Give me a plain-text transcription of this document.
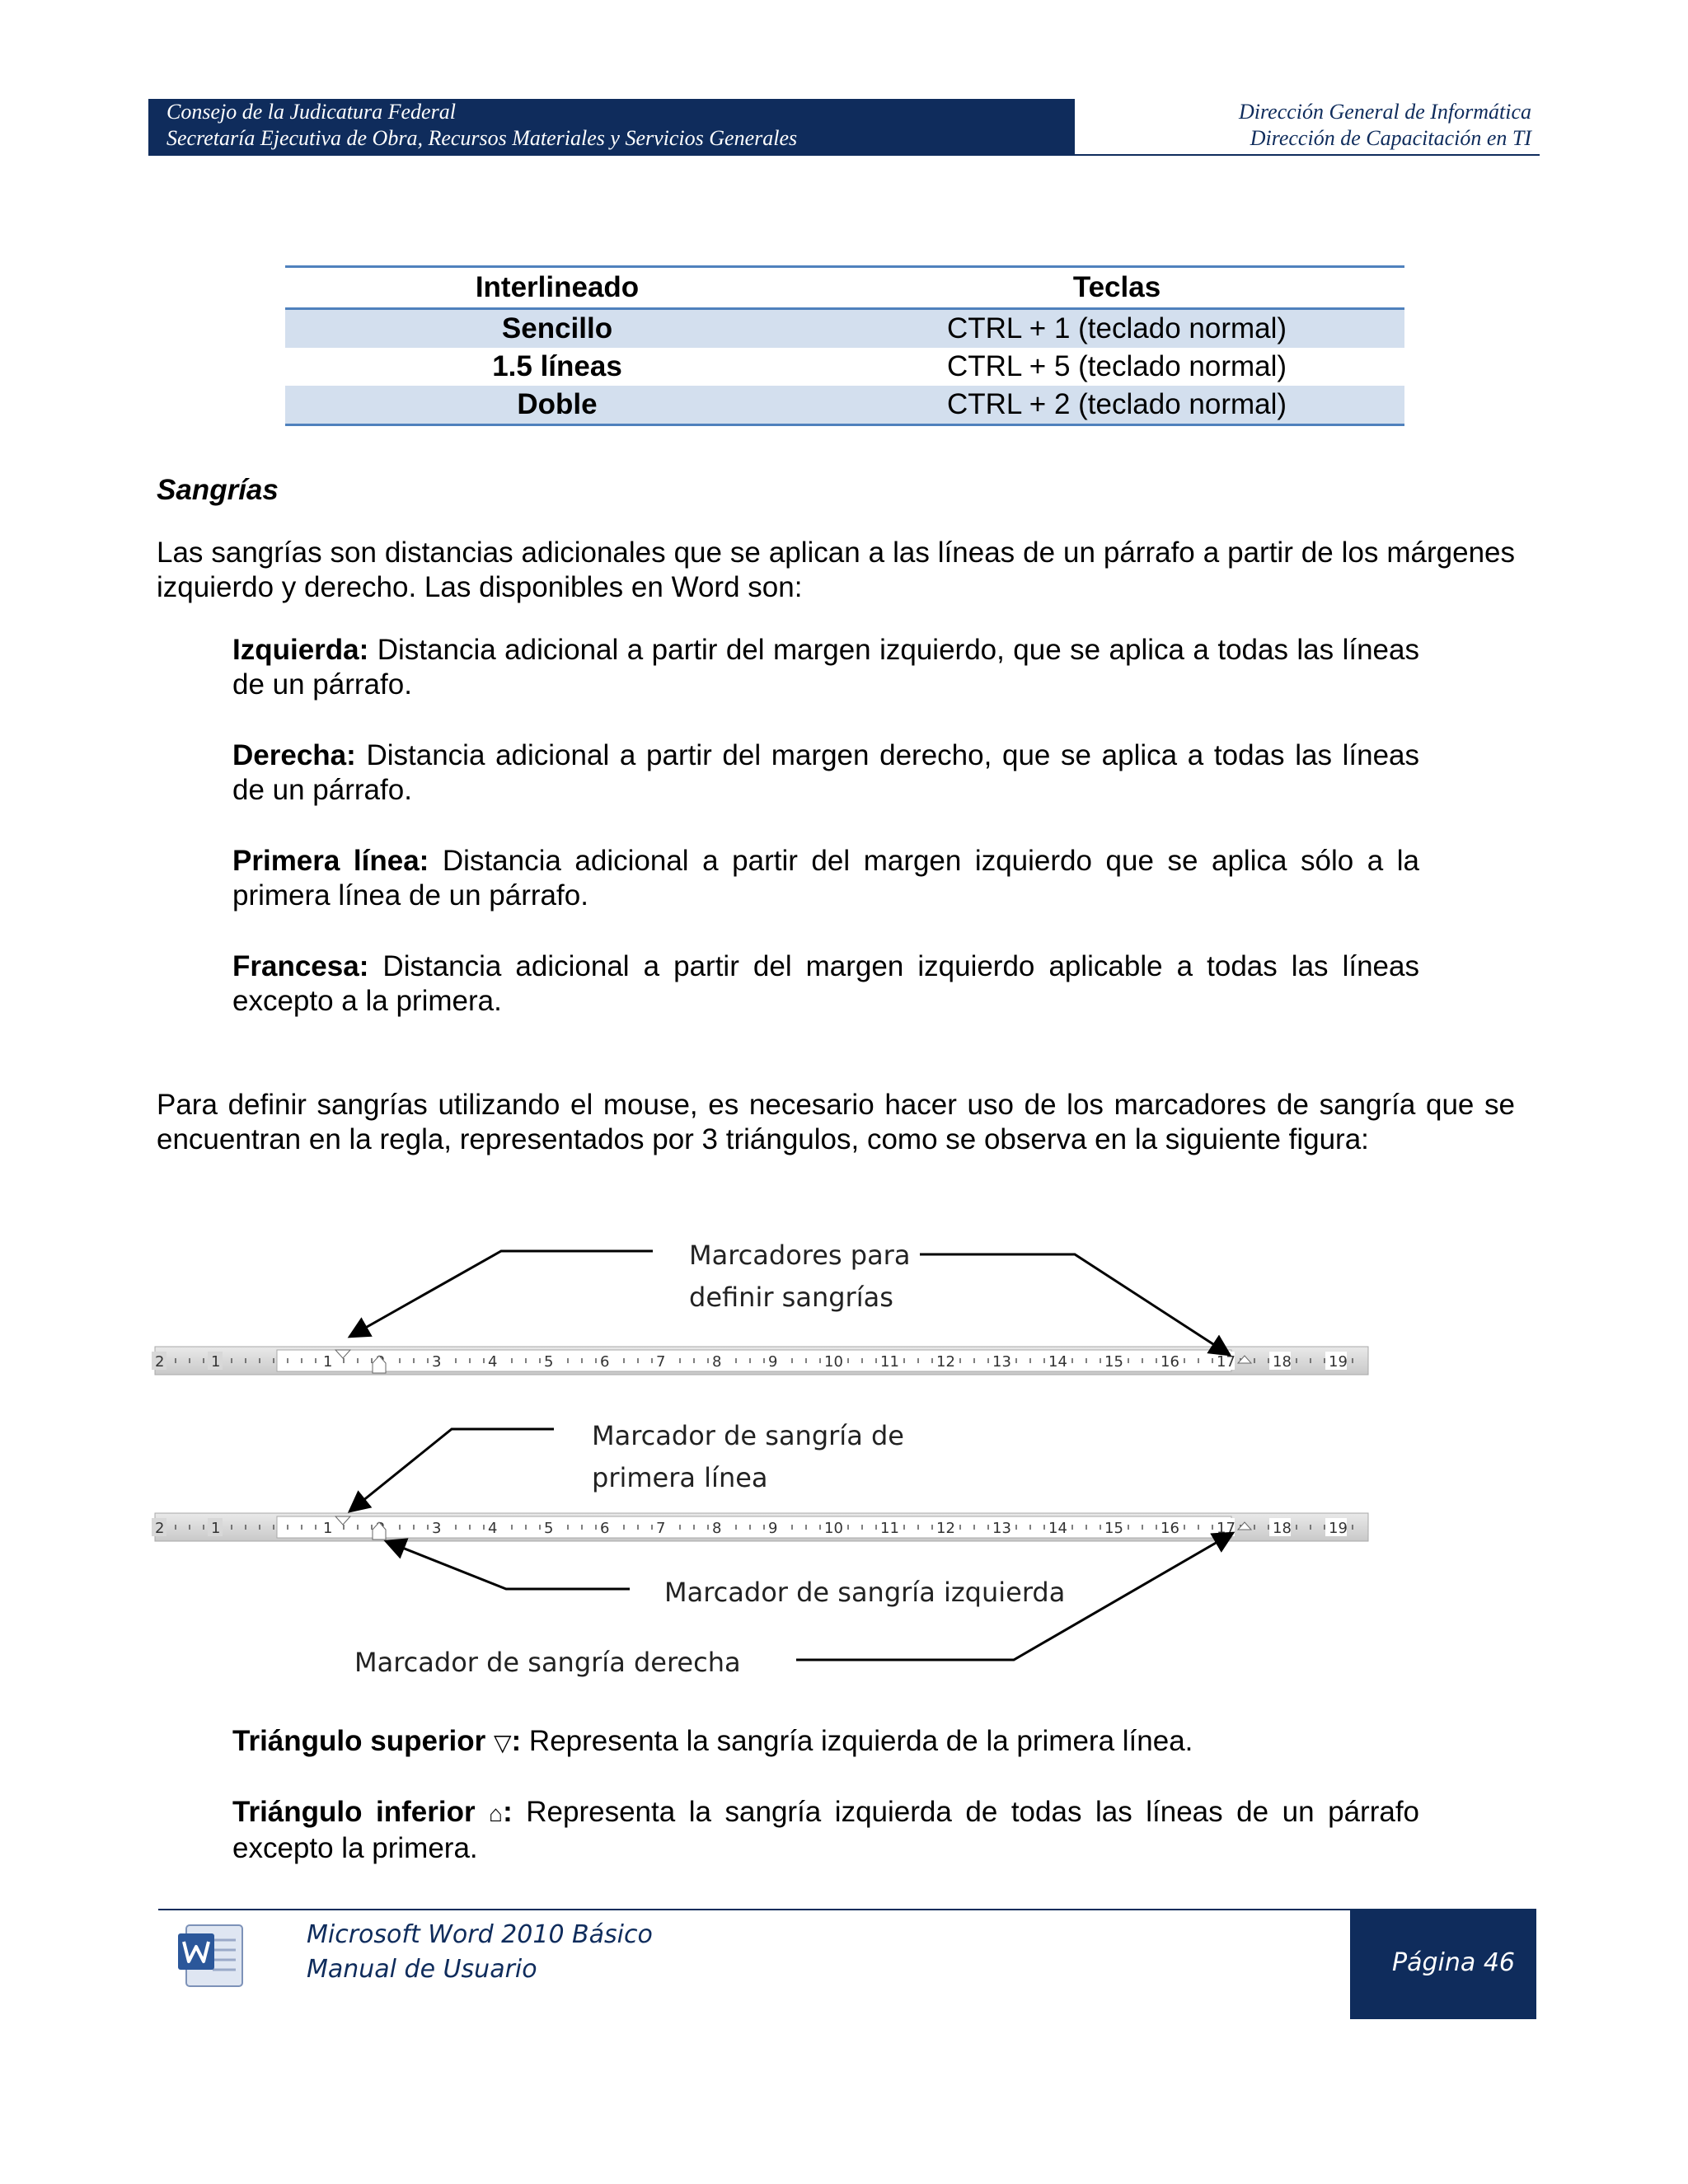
Consejo de la Judicatura Federal
Secretaría Ejecutiva de Obra, Recursos Materiales y Servicios Generales
Dirección General de Informática
Dirección de Capacitación en TI
Interlineado	Teclas
Sencillo	CTRL + 1 (teclado normal)
1.5 líneas	CTRL + 5 (teclado normal)
Doble	CTRL + 2 (teclado normal)
Sangrías
Las sangrías son distancias adicionales que se aplican a las líneas de un párrafo a partir de los márgenes izquierdo y derecho. Las disponibles en Word son:
Izquierda: Distancia adicional a partir del margen izquierdo, que se aplica a todas las líneas de un párrafo.
Derecha: Distancia adicional a partir del margen derecho, que se aplica a todas las líneas de un párrafo.
Primera línea: Distancia adicional a partir del margen izquierdo que se aplica sólo a la primera línea de un párrafo.
Francesa: Distancia adicional a partir del margen izquierdo aplicable a todas las líneas excepto a la primera.
Para definir sangrías utilizando el mouse, es necesario hacer uso de los marcadores de sangría que se encuentran en la regla, representados por 3 triángulos, como se observa en la siguiente figura:
2	1	1	3	4	5	6	7	8	9	10	11	12	13	14	15	16	17	18	19
2	1	1	3	4	5	6	7	8	9	10	11	12	13	14	15	16	17	18	19
Marcadores para
definir sangrías
Marcador de sangría de
primera línea
Marcador de sangría izquierda
Marcador de sangría derecha
Triángulo superior ▽: Representa la sangría izquierda de la primera línea.
Triángulo inferior ⌂: Representa la sangría izquierda de todas las líneas de un párrafo excepto la primera.
Microsoft Word 2010 Básico
Manual de Usuario	Página 46
